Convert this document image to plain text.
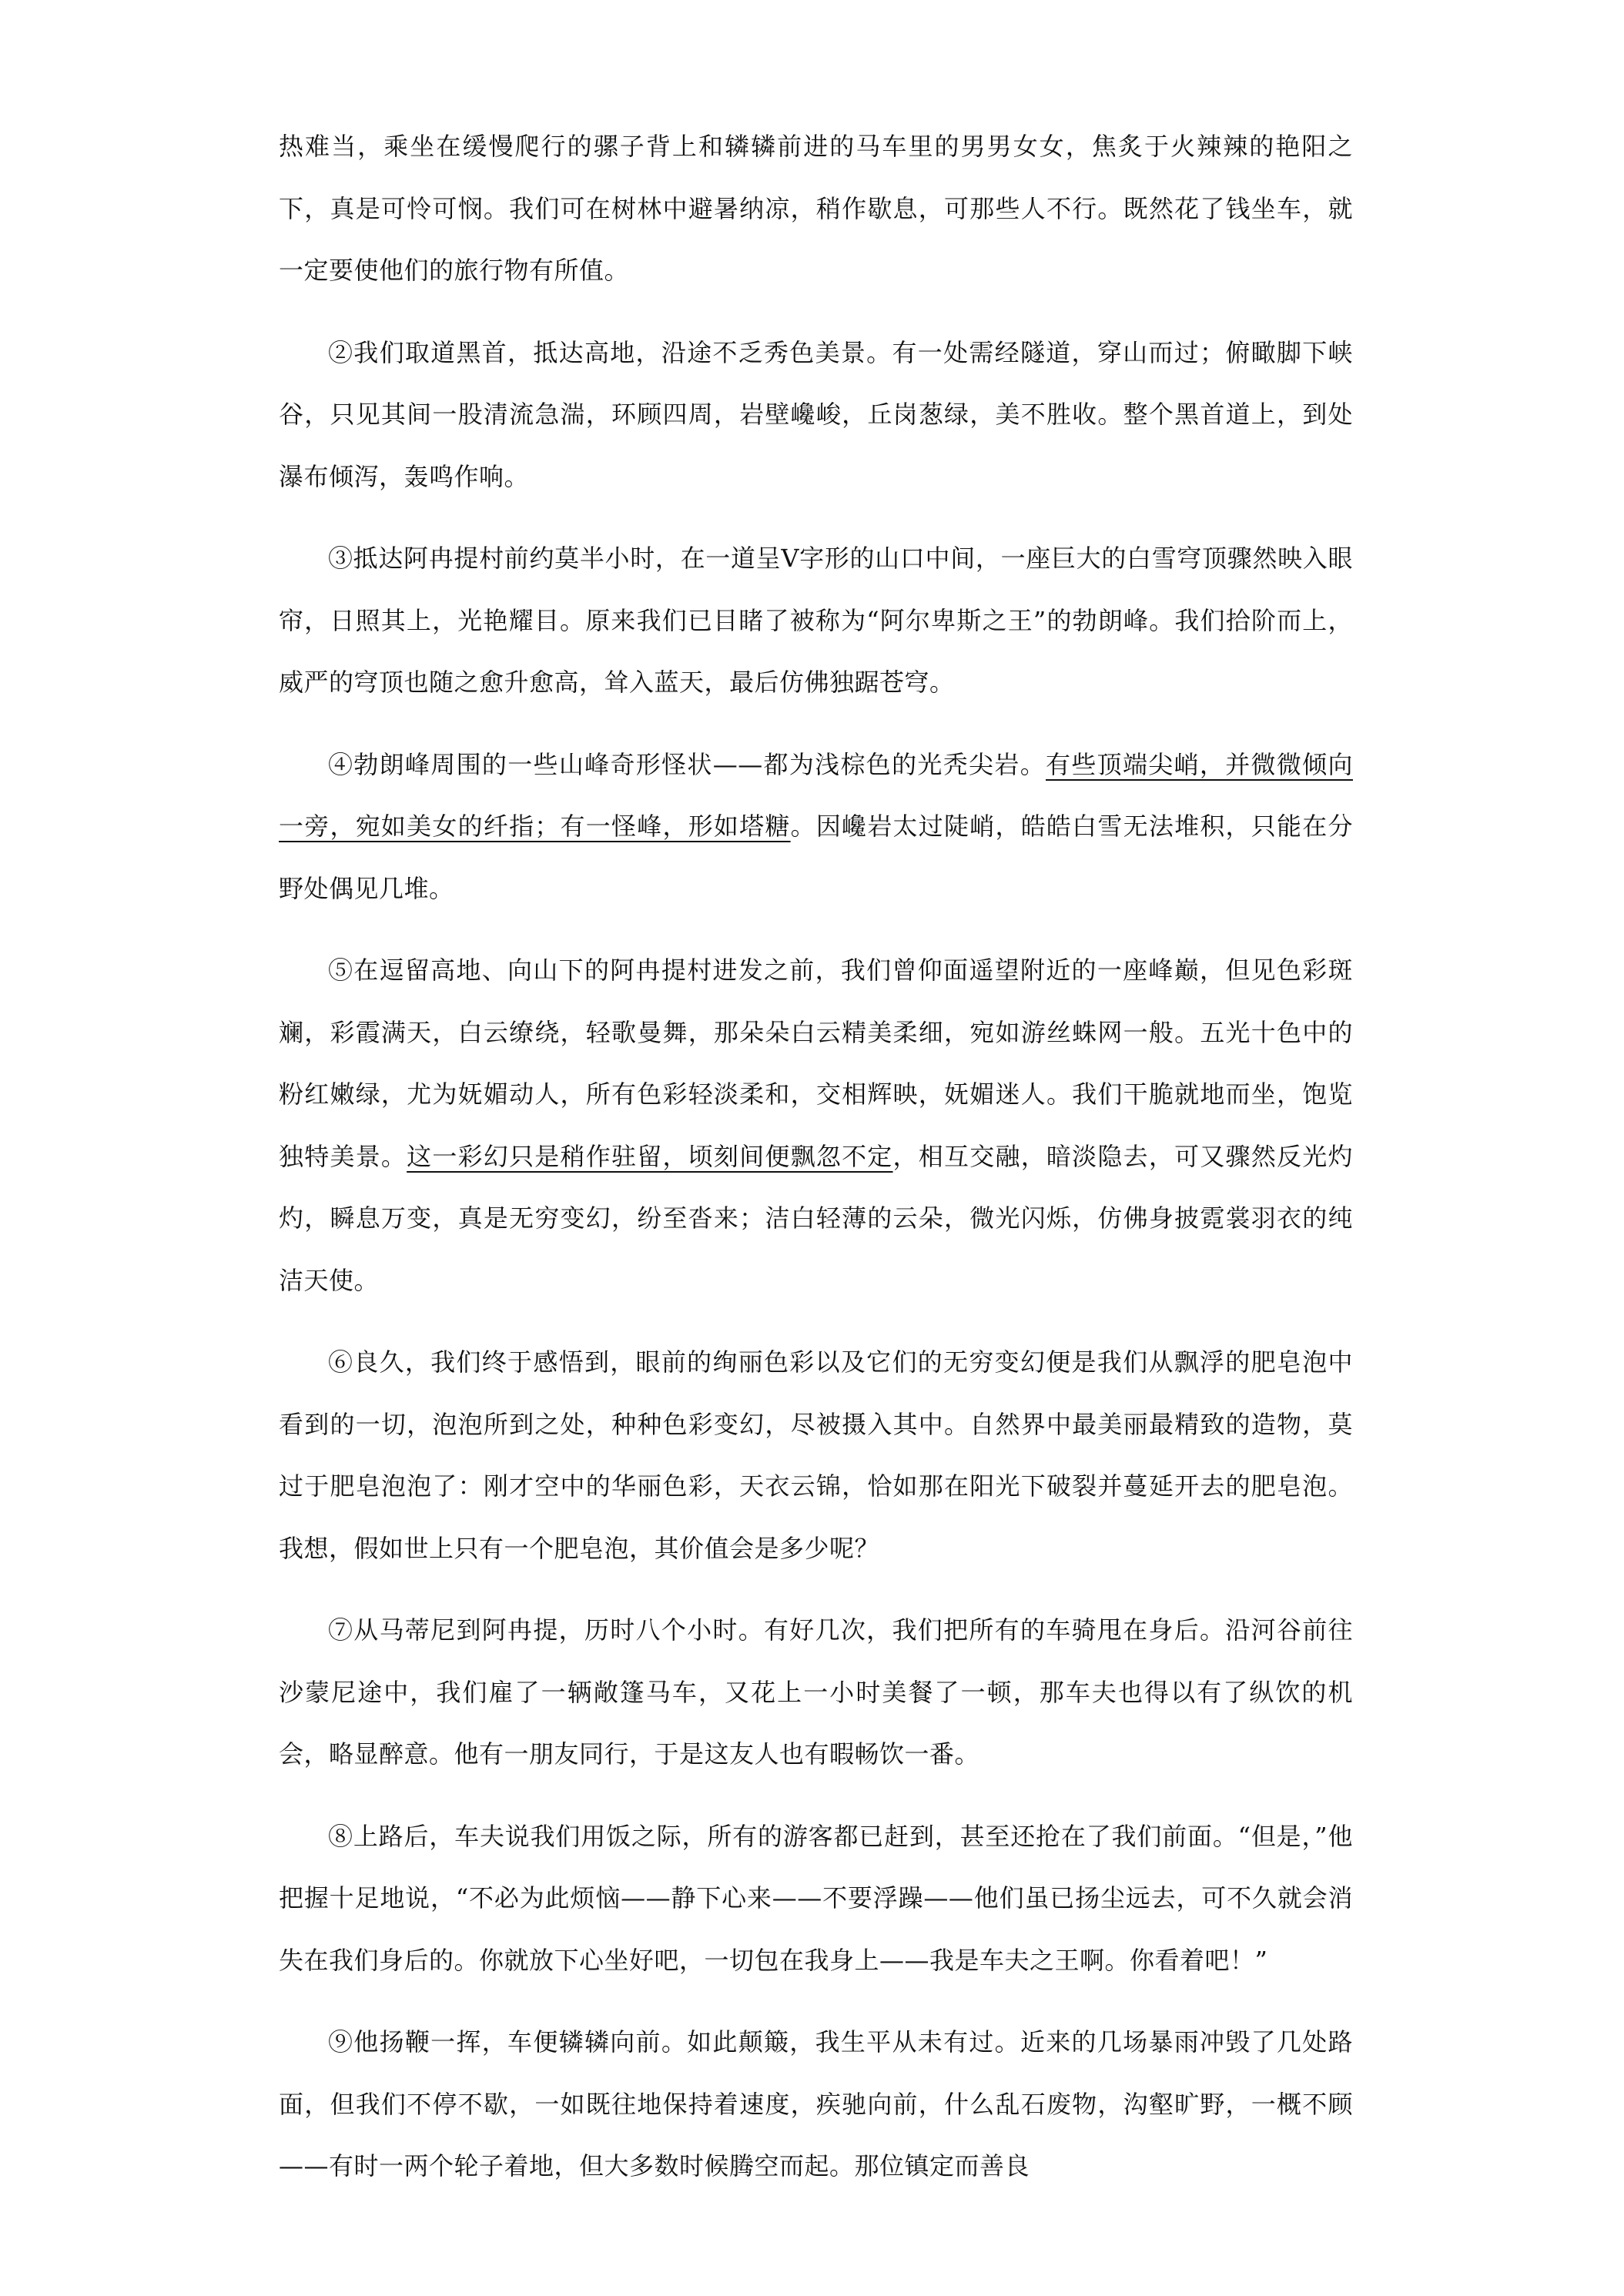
热难当，乘坐在缓慢爬行的骡子背上和辚辚前进的马车里的男男女女，焦炙于火辣辣的艳阳之下，真是可怜可悯。我们可在树林中避暑纳凉，稍作歇息，可那些人不行。既然花了钱坐车，就一定要使他们的旅行物有所值。

②我们取道黑首，抵达高地，沿途不乏秀色美景。有一处需经隧道，穿山而过；俯瞰脚下峡谷，只见其间一股清流急湍，环顾四周，岩壁巉峻，丘岗葱绿，美不胜收。整个黑首道上，到处瀑布倾泻，轰鸣作响。

③抵达阿冉提村前约莫半小时，在一道呈Ⅴ字形的山口中间，一座巨大的白雪穹顶骤然映入眼帘，日照其上，光艳耀目。原来我们已目睹了被称为“阿尔卑斯之王”的勃朗峰。我们拾阶而上，威严的穹顶也随之愈升愈高，耸入蓝天，最后仿佛独踞苍穹。

④勃朗峰周围的一些山峰奇形怪状——都为浅棕色的光秃尖岩。有些顶端尖峭，并微微倾向一旁，宛如美女的纤指；有一怪峰，形如塔糖。因巉岩太过陡峭，皓皓白雪无法堆积，只能在分野处偶见几堆。

⑤在逗留高地、向山下的阿冉提村进发之前，我们曾仰面遥望附近的一座峰巅，但见色彩斑斓，彩霞满天，白云缭绕，轻歌曼舞，那朵朵白云精美柔细，宛如游丝蛛网一般。五光十色中的粉红嫩绿，尤为妩媚动人，所有色彩轻淡柔和，交相辉映，妩媚迷人。我们干脆就地而坐，饱览独特美景。这一彩幻只是稍作驻留，顷刻间便飘忽不定，相互交融，暗淡隐去，可又骤然反光灼灼，瞬息万变，真是无穷变幻，纷至沓来；洁白轻薄的云朵，微光闪烁，仿佛身披霓裳羽衣的纯洁天使。

⑥良久，我们终于感悟到，眼前的绚丽色彩以及它们的无穷变幻便是我们从飘浮的肥皂泡中看到的一切，泡泡所到之处，种种色彩变幻，尽被摄入其中。自然界中最美丽最精致的造物，莫过于肥皂泡泡了：刚才空中的华丽色彩，天衣云锦，恰如那在阳光下破裂并蔓延开去的肥皂泡。我想，假如世上只有一个肥皂泡，其价值会是多少呢？

⑦从马蒂尼到阿冉提，历时八个小时。有好几次，我们把所有的车骑甩在身后。沿河谷前往沙蒙尼途中，我们雇了一辆敞篷马车，又花上一小时美餐了一顿，那车夫也得以有了纵饮的机会，略显醉意。他有一朋友同行，于是这友人也有暇畅饮一番。

⑧上路后，车夫说我们用饭之际，所有的游客都已赶到，甚至还抢在了我们前面。“但是，”他把握十足地说，“不必为此烦恼——静下心来——不要浮躁——他们虽已扬尘远去，可不久就会消失在我们身后的。你就放下心坐好吧，一切包在我身上——我是车夫之王啊。你看着吧！”

⑨他扬鞭一挥，车便辚辚向前。如此颠簸，我生平从未有过。近来的几场暴雨冲毁了几处路面，但我们不停不歇，一如既往地保持着速度，疾驰向前，什么乱石废物，沟壑旷野，一概不顾——有时一两个轮子着地，但大多数时候腾空而起。那位镇定而善良
